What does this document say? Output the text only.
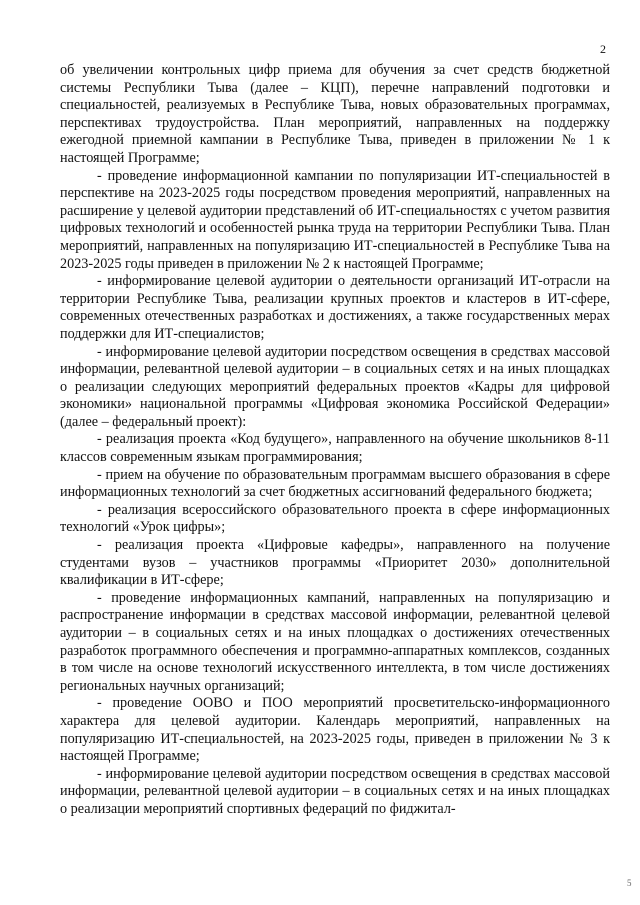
2

об увеличении контрольных цифр приема для обучения за счет средств бюджетной системы Республики Тыва (далее – КЦП), перечне направлений подготовки и специальностей, реализуемых в Республике Тыва, новых образовательных программах, перспективах трудоустройства. План мероприятий, направленных на поддержку ежегодной приемной кампании в Республике Тыва, приведен в приложении № 1 к настоящей Программе;

- проведение информационной кампании по популяризации ИТ-специальностей в перспективе на 2023-2025 годы посредством проведения мероприятий, направленных на расширение у целевой аудитории представлений об ИТ-специальностях с учетом развития цифровых технологий и особенностей рынка труда на территории Республики Тыва. План мероприятий, направленных на популяризацию ИТ-специальностей в Республике Тыва на 2023-2025 годы приведен в приложении № 2 к настоящей Программе;

- информирование целевой аудитории о деятельности организаций ИТ-отрасли на территории Республике Тыва, реализации крупных проектов и кластеров в ИТ-сфере, современных отечественных разработках и достижениях, а также государственных мерах поддержки для ИТ-специалистов;

- информирование целевой аудитории посредством освещения в средствах массовой информации, релевантной целевой аудитории – в социальных сетях и на иных площадках о реализации следующих мероприятий федеральных проектов «Кадры для цифровой экономики» национальной программы «Цифровая экономика Российской Федерации» (далее – федеральный проект):

- реализация проекта «Код будущего», направленного на обучение школьников 8-11 классов современным языкам программирования;

- прием на обучение по образовательным программам высшего образования в сфере информационных технологий за счет бюджетных ассигнований федерального бюджета;

- реализация всероссийского образовательного проекта в сфере информационных технологий «Урок цифры»;

- реализация проекта «Цифровые кафедры», направленного на получение студентами вузов – участников программы «Приоритет 2030» дополнительной квалификации в ИТ-сфере;

- проведение информационных кампаний, направленных на популяризацию и распространение информации в средствах массовой информации, релевантной целевой аудитории – в социальных сетях и на иных площадках о достижениях отечественных разработок программного обеспечения и программно-аппаратных комплексов, созданных в том числе на основе технологий искусственного интеллекта, в том числе достижениях региональных научных организаций;

- проведение ООВО и ПОО мероприятий просветительско-информационного характера для целевой аудитории. Календарь мероприятий, направленных на популяризацию ИТ-специальностей, на 2023-2025 годы, приведен в приложении № 3 к настоящей Программе;

- информирование целевой аудитории посредством освещения в средствах массовой информации, релевантной целевой аудитории – в социальных сетях и на иных площадках о реализации мероприятий спортивных федераций по фиджитал-

5
